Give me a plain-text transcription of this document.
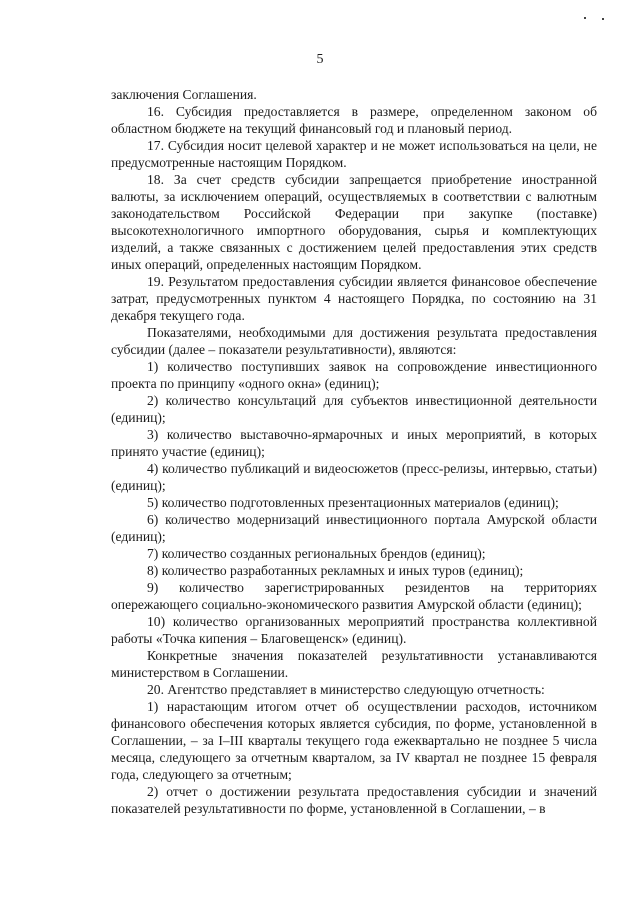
5

заключения Соглашения.

16. Субсидия предоставляется в размере, определенном законом об областном бюджете на текущий финансовый год и плановый период.

17. Субсидия носит целевой характер и не может использоваться на цели, не предусмотренные настоящим Порядком.

18. За счет средств субсидии запрещается приобретение иностранной валюты, за исключением операций, осуществляемых в соответствии с валютным законодательством Российской Федерации при закупке (поставке) высокотехнологичного импортного оборудования, сырья и комплектующих изделий, а также связанных с достижением целей предоставления этих средств иных операций, определенных настоящим Порядком.

19. Результатом предоставления субсидии является финансовое обеспечение затрат, предусмотренных пунктом 4 настоящего Порядка, по состоянию на 31 декабря текущего года.

Показателями, необходимыми для достижения результата предоставления субсидии (далее – показатели результативности), являются:

1) количество поступивших заявок на сопровождение инвестиционного проекта по принципу «одного окна» (единиц);

2) количество консультаций для субъектов инвестиционной деятельности (единиц);

3) количество выставочно-ярмарочных и иных мероприятий, в которых принято участие (единиц);

4) количество публикаций и видеосюжетов (пресс-релизы, интервью, статьи) (единиц);

5) количество подготовленных презентационных материалов (единиц);

6) количество модернизаций инвестиционного портала Амурской области (единиц);

7) количество созданных региональных брендов (единиц);

8) количество разработанных рекламных и иных туров (единиц);

9) количество зарегистрированных резидентов на территориях опережающего социально-экономического развития Амурской области (единиц);

10) количество организованных мероприятий пространства коллективной работы «Точка кипения – Благовещенск» (единиц).

Конкретные значения показателей результативности устанавливаются министерством в Соглашении.

20. Агентство представляет в министерство следующую отчетность:

1) нарастающим итогом отчет об осуществлении расходов, источником финансового обеспечения которых является субсидия, по форме, установленной в Соглашении, – за I–III кварталы текущего года ежеквартально не позднее 5 числа месяца, следующего за отчетным кварталом, за IV квартал не позднее 15 февраля года, следующего за отчетным;

2) отчет о достижении результата предоставления субсидии и значений показателей результативности по форме, установленной в Соглашении, – в
